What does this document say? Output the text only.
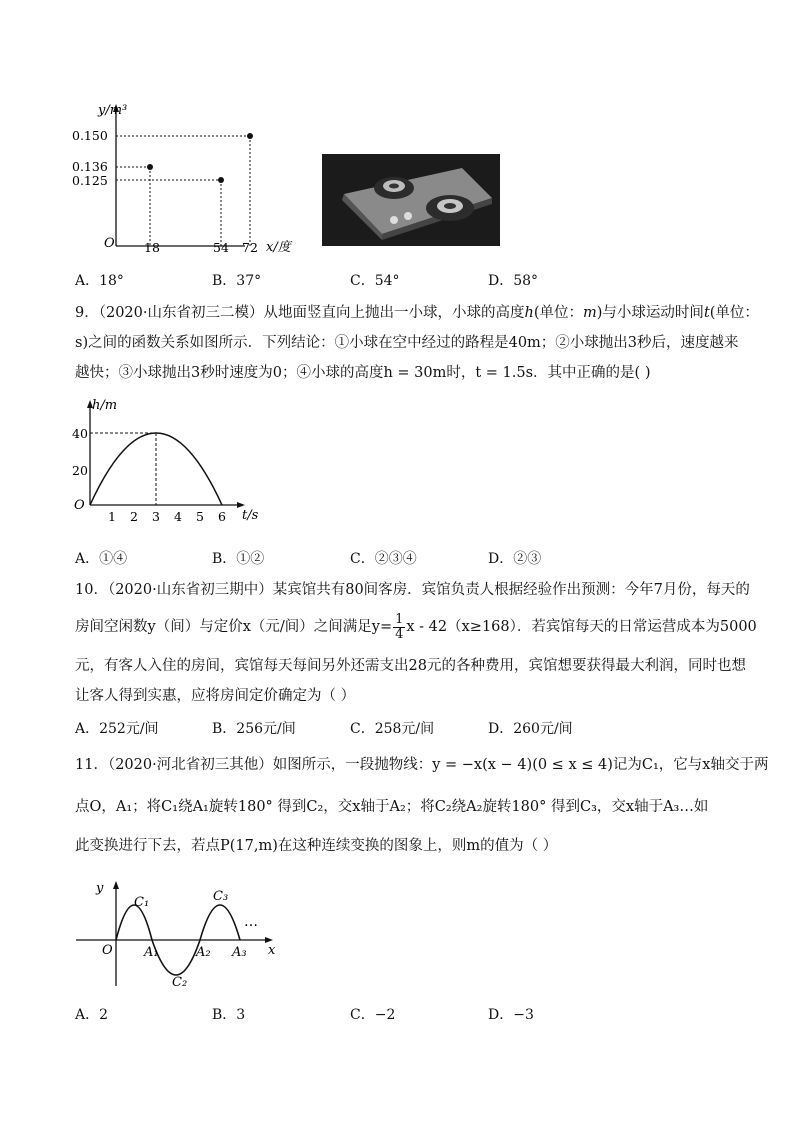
y/m³
0.150
0.136
0.125
O 18	54 72 x/度
A．18°	B．37°	C．54°	D．58°
9．（2020·山东省初三二模）从地面竖直向上抛出一小球，小球的高度h(单位：m)与小球运动时间t(单位：
s)之间的函数关系如图所示．下列结论：①小球在空中经过的路程是40m；②小球抛出3秒后，速度越来
越快；③小球抛出3秒时速度为0；④小球的高度h = 30m时，t = 1.5s．其中正确的是( )
h/m
40
20
O
1 2 3 4 5 6 t/s
A．①④	B．①②	C．②③④	D．②③
10．（2020·山东省初三期中）某宾馆共有80间客房．宾馆负责人根据经验作出预测：今年7月份，每天的
房间空闲数y（间）与定价x（元/间）之间满足$y= \frac{1}{4}$ x - 42（x≥168）．若宾馆每天的日常运营成本为5000
元，有客人入住的房间，宾馆每天每间另外还需支出28元的各种费用，宾馆想要获得最大利润，同时也想
让客人得到实惠，应将房间定价确定为（ ）
A．252元/间	B．256元/间	C．258元/间	D．260元/间
11．（2020·河北省初三其他）如图所示，一段抛物线：y = −x(x − 4)(0 ≤ x ≤ 4)记为C₁，它与x轴交于两
点O，A₁；将C₁绕A₁旋转180° 得到C₂，交x轴于A₂；将C₂绕A₂旋转180° 得到C₃，交x轴于A₃…如
此变换进行下去，若点P(17,m)在这种连续变换的图象上，则m的值为（ ）
y
O
C₁
C₂
C₃
A₁	A₂ A₃
…
x
A．2	B．3	C．−2	D．−3
